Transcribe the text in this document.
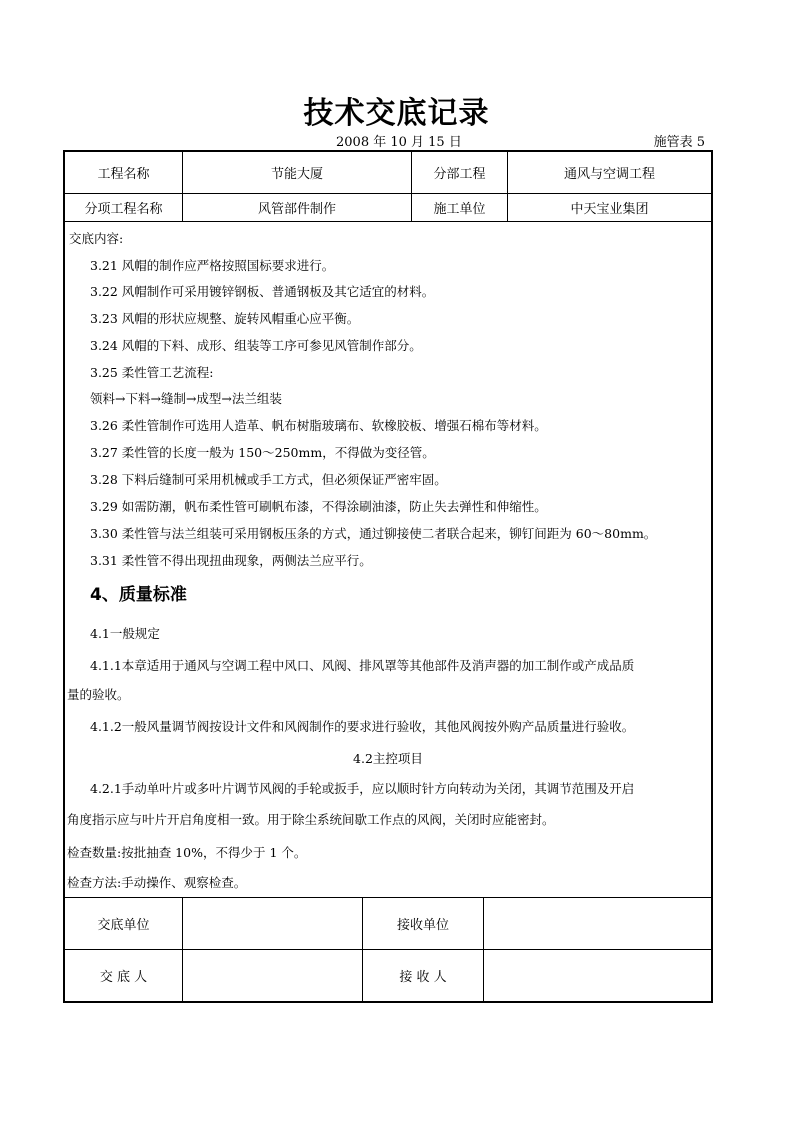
技术交底记录
2008 年 10 月 15 日	施管表 5
工程名称	节能大厦	分部工程	通风与空调工程
分项工程名称	风管部件制作	施工单位	中天宝业集团
交底内容:
3.21 风帽的制作应严格按照国标要求进行。
3.22 风帽制作可采用镀锌钢板、普通钢板及其它适宜的材料。
3.23 风帽的形状应规整、旋转风帽重心应平衡。
3.24 风帽的下料、成形、组装等工序可参见风管制作部分。
3.25 柔性管工艺流程:
领料→下料→缝制→成型→法兰组装
3.26 柔性管制作可选用人造革、帆布树脂玻璃布、软橡胶板、增强石棉布等材料。
3.27 柔性管的长度一般为 150～250mm，不得做为变径管。
3.28 下料后缝制可采用机械或手工方式，但必须保证严密牢固。
3.29 如需防潮，帆布柔性管可刷帆布漆，不得涂刷油漆，防止失去弹性和伸缩性。
3.30 柔性管与法兰组装可采用钢板压条的方式，通过铆接使二者联合起来，铆钉间距为 60～80mm。
3.31 柔性管不得出现扭曲现象，两侧法兰应平行。
4、质量标准
4.1一般规定
4.1.1本章适用于通风与空调工程中风口、风阀、排风罩等其他部件及消声器的加工制作或产成品质
量的验收。
4.1.2一般风量调节阀按设计文件和风阀制作的要求进行验收，其他风阀按外购产品质量进行验收。
4.2主控项目
4.2.1手动单叶片或多叶片调节风阀的手轮或扳手，应以顺时针方向转动为关闭，其调节范围及开启
角度指示应与叶片开启角度相一致。用于除尘系统间歇工作点的风阀，关闭时应能密封。
检查数量:按批抽查 10%，不得少于 1 个。
检查方法:手动操作、观察检查。
交底单位	接收单位
交 底 人	接 收 人
